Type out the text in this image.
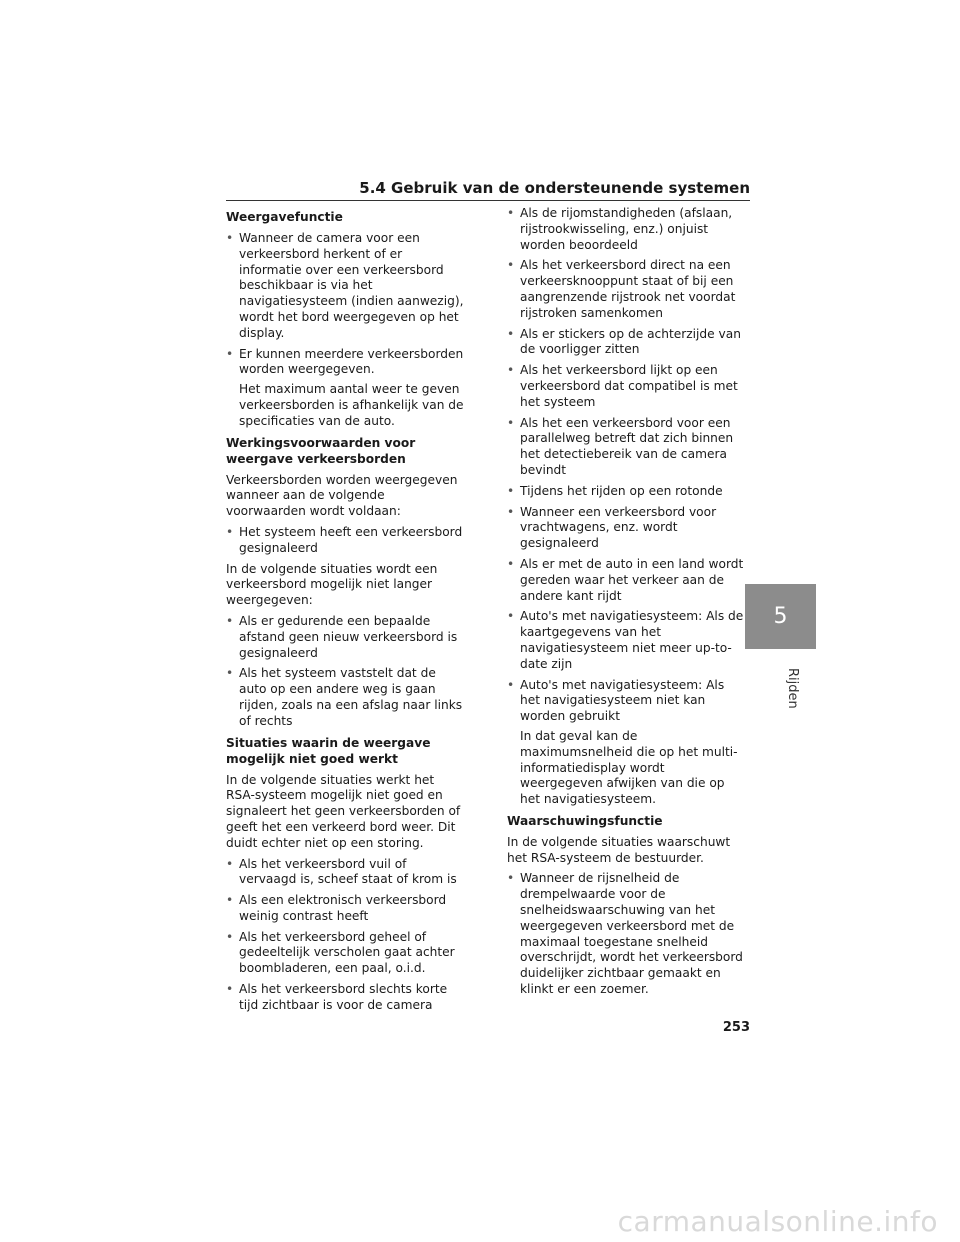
5.4 Gebruik van de ondersteunende systemen
Weergavefunctie
• Wanneer de camera voor een verkeersbord herkent of er informatie over een verkeersbord beschikbaar is via het navigatiesysteem (indien aanwezig), wordt het bord weergegeven op het display.
• Er kunnen meerdere verkeersborden worden weergegeven.
Het maximum aantal weer te geven verkeersborden is afhankelijk van de specificaties van de auto.
Werkingsvoorwaarden voor weergave verkeersborden

Verkeersborden worden weergegeven wanneer aan de volgende voorwaarden wordt voldaan:

• Het systeem heeft een verkeersbord gesignaleerd

In de volgende situaties wordt een verkeersbord mogelijk niet langer weergegeven:

• Als er gedurende een bepaalde afstand geen nieuw verkeersbord is gesignaleerd
• Als het systeem vaststelt dat de auto op een andere weg is gaan rijden, zoals na een afslag naar links of rechts
Situaties waarin de weergave mogelijk niet goed werkt

In de volgende situaties werkt het RSA-systeem mogelijk niet goed en signaleert het geen verkeersborden of geeft het een verkeerd bord weer. Dit duidt echter niet op een storing.

• Als het verkeersbord vuil of vervaagd is, scheef staat of krom is
• Als een elektronisch verkeersbord weinig contrast heeft
• Als het verkeersbord geheel of gedeeltelijk verscholen gaat achter boombladeren, een paal, o.i.d.
• Als het verkeersbord slechts korte tijd zichtbaar is voor de camera
• Als de rijomstandigheden (afslaan, rijstrookwisseling, enz.) onjuist worden beoordeeld
• Als het verkeersbord direct na een verkeersknooppunt staat of bij een aangrenzende rijstrook net voordat rijstroken samenkomen
• Als er stickers op de achterzijde van de voorligger zitten
• Als het verkeersbord lijkt op een verkeersbord dat compatibel is met het systeem
• Als het een verkeersbord voor een parallelweg betreft dat zich binnen het detectiebereik van de camera bevindt
• Tijdens het rijden op een rotonde
• Wanneer een verkeersbord voor vrachtwagens, enz. wordt gesignaleerd
• Als er met de auto in een land wordt gereden waar het verkeer aan de andere kant rijdt
• Auto's met navigatiesysteem: Als de kaartgegevens van het navigatiesysteem niet meer up-to-date zijn
• Auto's met navigatiesysteem: Als het navigatiesysteem niet kan worden gebruikt
In dat geval kan de maximumsnelheid die op het multi-informatiedisplay wordt weergegeven afwijken van die op het navigatiesysteem.
Waarschuwingsfunctie

In de volgende situaties waarschuwt het RSA-systeem de bestuurder.

• Wanneer de rijsnelheid de drempelwaarde voor de snelheidswaarschuwing van het weergegeven verkeersbord met de maximaal toegestane snelheid overschrijdt, wordt het verkeersbord duidelijker zichtbaar gemaakt en klinkt er een zoemer.
5
Rijden
253
carmanualsonline.info
